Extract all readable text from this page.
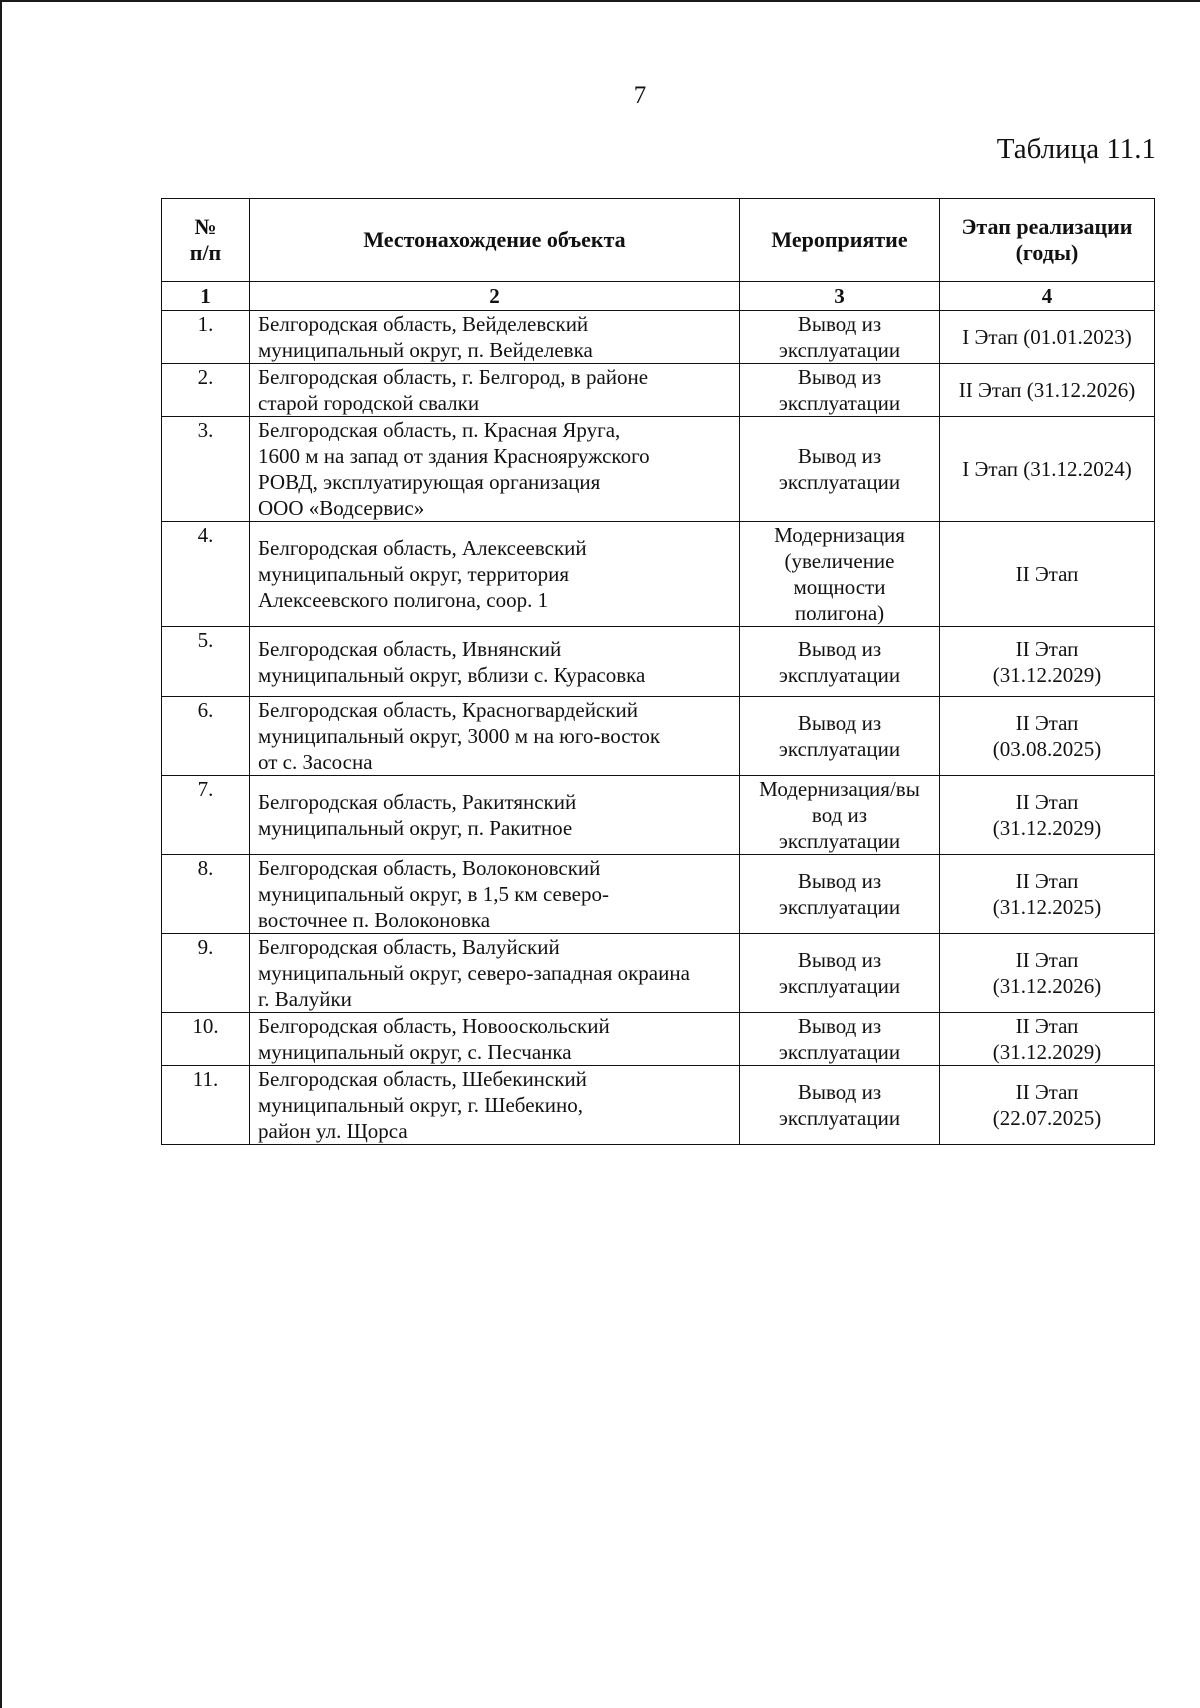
7
Таблица 11.1
№
п/п	Местонахождение объекта	Мероприятие	Этап реализации
(годы)

1	2	3	4
1.	Белгородская область, Вейделевский
муниципальный округ, п. Вейделевка	Вывод из
эксплуатации	I Этап (01.01.2023)

2.	Белгородская область, г. Белгород, в районе
старой городской свалки	Вывод из
эксплуатации	II Этап (31.12.2026)

3.	Белгородская область, п. Красная Яруга,
1600 м на запад от здания Краснояружского
РОВД, эксплуатирующая организация
ООО «Водсервис»	Вывод из
эксплуатации	I Этап (31.12.2024)

4.	Белгородская область, Алексеевский
муниципальный округ, территория
Алексеевского полигона, соор. 1	Модернизация
(увеличение
мощности
полигона)	II Этап

5.	Белгородская область, Ивнянский
муниципальный округ, вблизи с. Курасовка	Вывод из
эксплуатации	II Этап
(31.12.2029)

6.	Белгородская область, Красногвардейский
муниципальный округ, 3000 м на юго-восток
от с. Засосна	Вывод из
эксплуатации	II Этап
(03.08.2025)

7.	Белгородская область, Ракитянский
муниципальный округ, п. Ракитное	Модернизация/вы
вод из
эксплуатации	II Этап
(31.12.2029)

8.	Белгородская область, Волоконовский
муниципальный округ, в 1,5 км северо-
восточнее п. Волоконовка	Вывод из
эксплуатации	II Этап
(31.12.2025)

9.	Белгородская область, Валуйский
муниципальный округ, северо-западная окраина
г. Валуйки	Вывод из
эксплуатации	II Этап
(31.12.2026)

10.	Белгородская область, Новооскольский
муниципальный округ, с. Песчанка	Вывод из
эксплуатации	II Этап
(31.12.2029)

11.	Белгородская область, Шебекинский
муниципальный округ, г. Шебекино,
район ул. Щорса	Вывод из
эксплуатации	II Этап
(22.07.2025)
